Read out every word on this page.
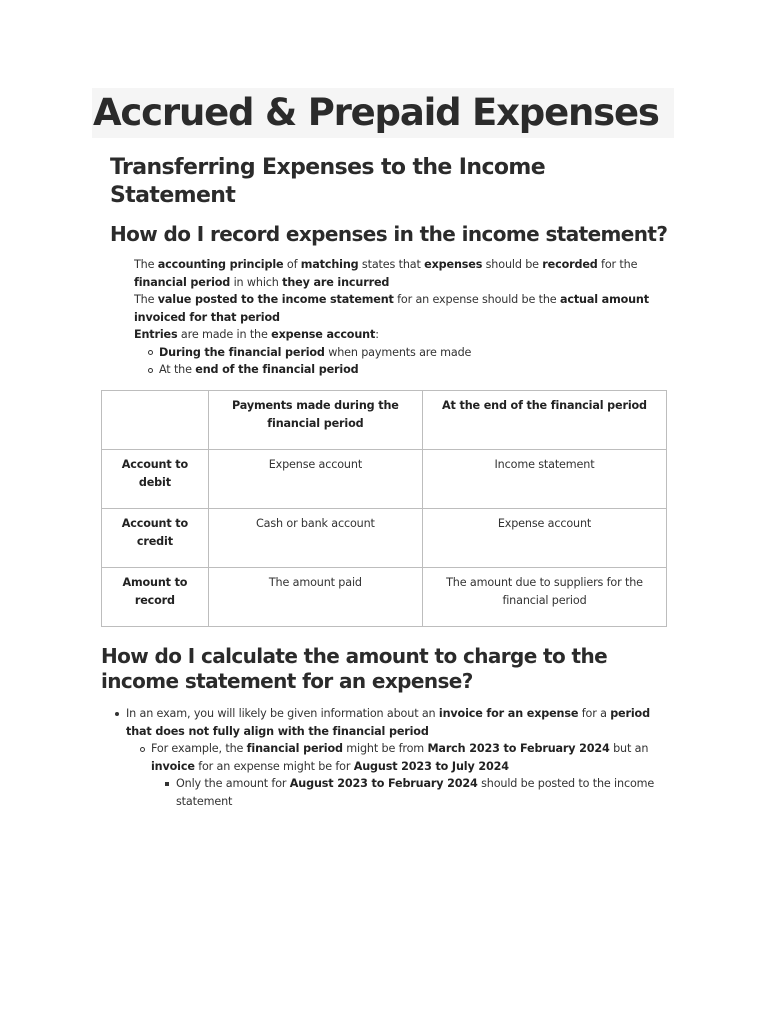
Accrued & Prepaid Expenses
Transferring Expenses to the Income Statement
How do I record expenses in the income statement?
The accounting principle of matching states that expenses should be recorded for the financial period in which they are incurred
The value posted to the income statement for an expense should be the actual amount invoiced for that period
Entries are made in the expense account:
During the financial period when payments are made
At the end of the financial period
	Payments made during the financial period	At the end of the financial period
Account to debit	Expense account	Income statement
Account to credit	Cash or bank account	Expense account
Amount to record	The amount paid	The amount due to suppliers for the financial period
How do I calculate the amount to charge to the income statement for an expense?
In an exam, you will likely be given information about an invoice for an expense for a period that does not fully align with the financial period
For example, the financial period might be from March 2023 to February 2024 but an invoice for an expense might be for August 2023 to July 2024
Only the amount for August 2023 to February 2024 should be posted to the income statement
